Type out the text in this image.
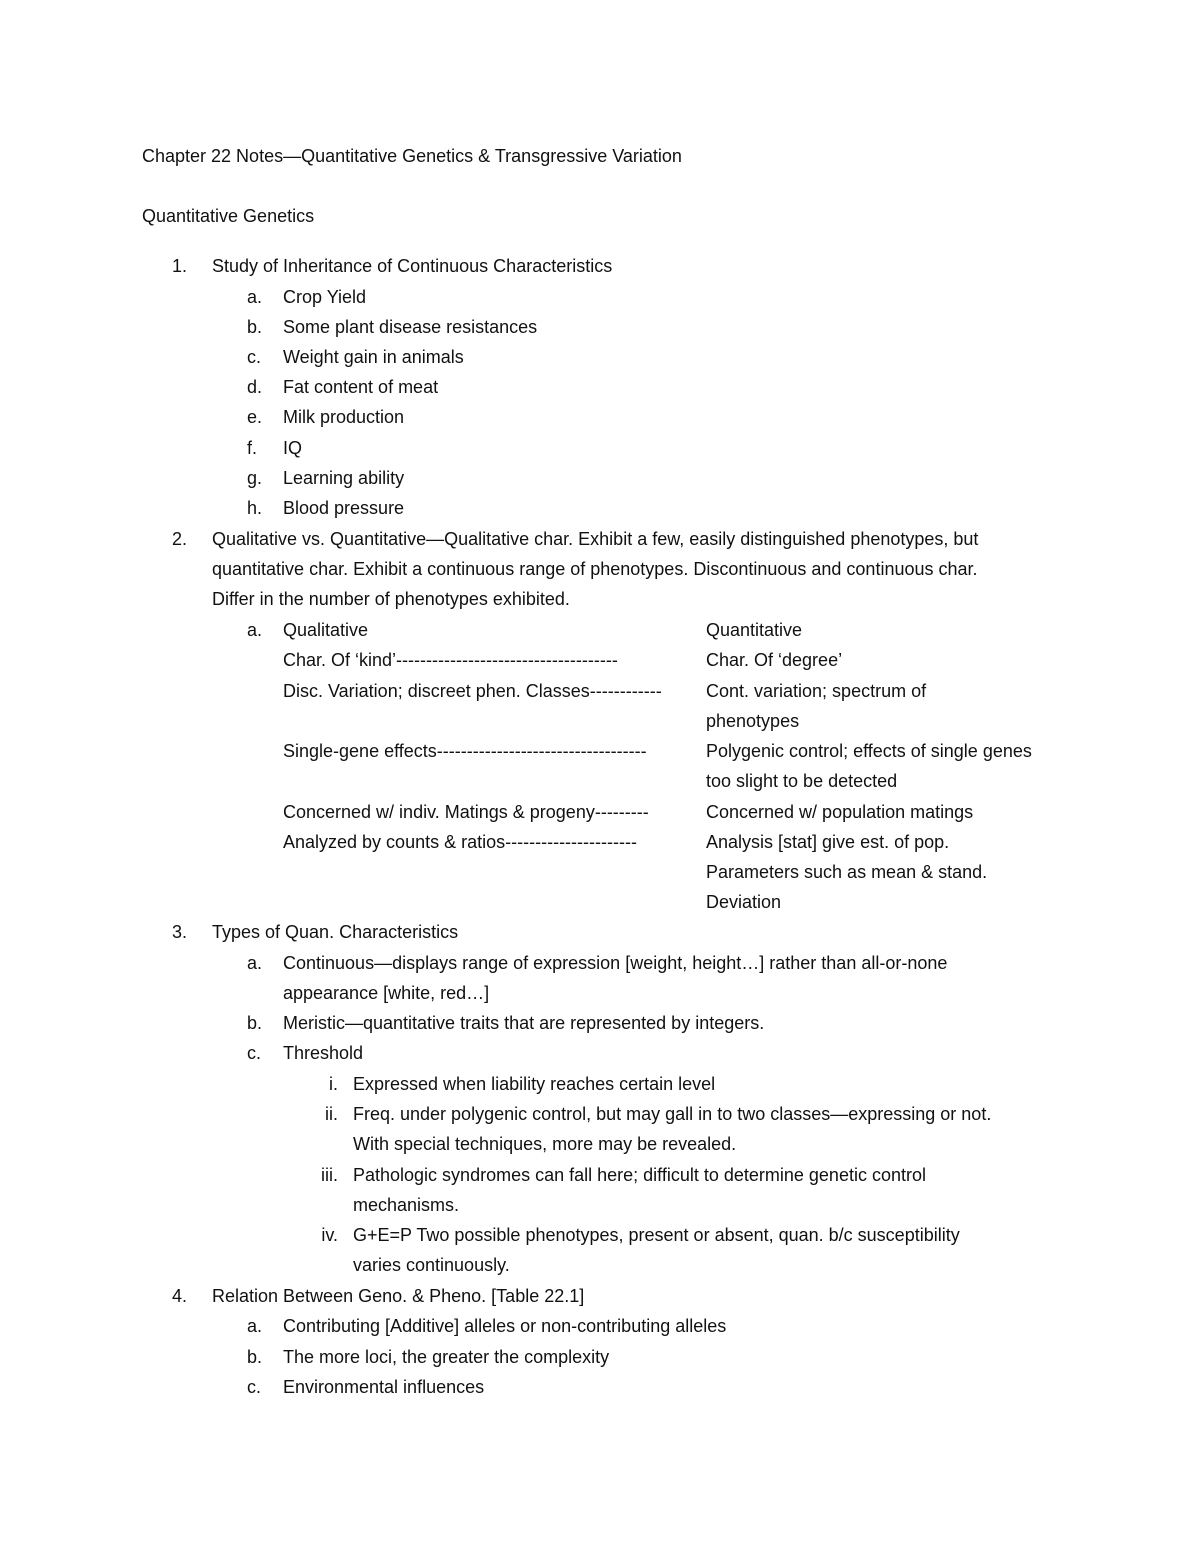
Chapter 22 Notes—Quantitative Genetics & Transgressive Variation
Quantitative Genetics
1.	Study of Inheritance of Continuous Characteristics
a.	Crop Yield
b.	Some plant disease resistances
c.	Weight gain in animals
d.	Fat content of meat
e.	Milk production
f.	IQ
g.	Learning ability
h.	Blood pressure
2.	Qualitative vs. Quantitative—Qualitative char. Exhibit a few, easily distinguished phenotypes, but
quantitative char. Exhibit a continuous range of phenotypes. Discontinuous and continuous char.
Differ in the number of phenotypes exhibited.
a.	Qualitative	Quantitative
Char. Of ‘kind’-------------------------------------	Char. Of ‘degree’
Disc. Variation; discreet phen. Classes------------ Cont. variation; spectrum of
phenotypes
Single-gene effects-----------------------------------	Polygenic control; effects of single genes
too slight to be detected
Concerned w/ indiv. Matings & progeny---------	Concerned w/ population matings
Analyzed by counts & ratios----------------------	Analysis [stat] give est. of pop.
Parameters such as mean & stand.
Deviation
3.	Types of Quan. Characteristics
a.	Continuous—displays range of expression [weight, height…] rather than all-or-none
appearance [white, red…]
b.	Meristic—quantitative traits that are represented by integers.
c.	Threshold
i. Expressed when liability reaches certain level
ii. Freq. under polygenic control, but may gall in to two classes—expressing or not.
With special techniques, more may be revealed.
iii. Pathologic syndromes can fall here; difficult to determine genetic control
mechanisms.
iv. G+E=P Two possible phenotypes, present or absent, quan. b/c susceptibility
varies continuously.
4.	Relation Between Geno. & Pheno. [Table 22.1]
a.	Contributing [Additive] alleles or non-contributing alleles
b.	The more loci, the greater the complexity
c.	Environmental influences
